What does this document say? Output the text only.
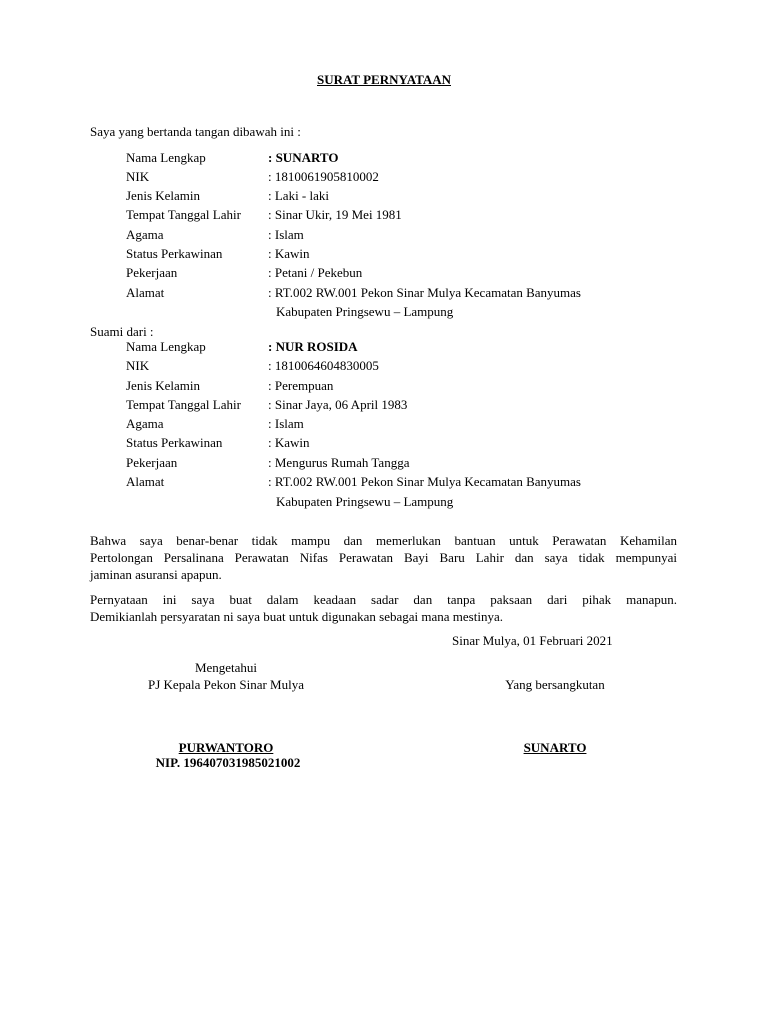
SURAT PERNYATAAN
Saya yang bertanda tangan dibawah ini :
Nama Lengkap	: SUNARTO
NIK	: 1810061905810002
Jenis Kelamin	: Laki - laki
Tempat Tanggal Lahir : Sinar Ukir, 19 Mei 1981
Agama	: Islam
Status Perkawinan	: Kawin
Pekerjaan	: Petani / Pekebun
Alamat	: RT.002 RW.001 Pekon Sinar Mulya Kecamatan Banyumas
Kabupaten Pringsewu – Lampung
Suami dari :
Nama Lengkap	: NUR ROSIDA
NIK	: 1810064604830005
Jenis Kelamin	: Perempuan
Tempat Tanggal Lahir : Sinar Jaya, 06 April 1983
Agama	: Islam
Status Perkawinan	: Kawin
Pekerjaan	: Mengurus Rumah Tangga
Alamat	: RT.002 RW.001 Pekon Sinar Mulya Kecamatan Banyumas
Kabupaten Pringsewu – Lampung
Bahwa saya benar-benar tidak mampu dan memerlukan bantuan untuk Perawatan Kehamilan
Pertolongan Persalinana Perawatan Nifas Perawatan Bayi Baru Lahir dan saya tidak mempunyai
jaminan asuransi apapun.
Pernyataan ini saya buat dalam keadaan sadar dan tanpa paksaan dari pihak manapun.
Demikianlah persyaratan ni saya buat untuk digunakan sebagai mana mestinya.
Sinar Mulya, 01 Februari 2021
Mengetahui
PJ Kepala Pekon Sinar Mulya
PURWANTORO
NIP. 196407031985021002
Yang bersangkutan
SUNARTO
